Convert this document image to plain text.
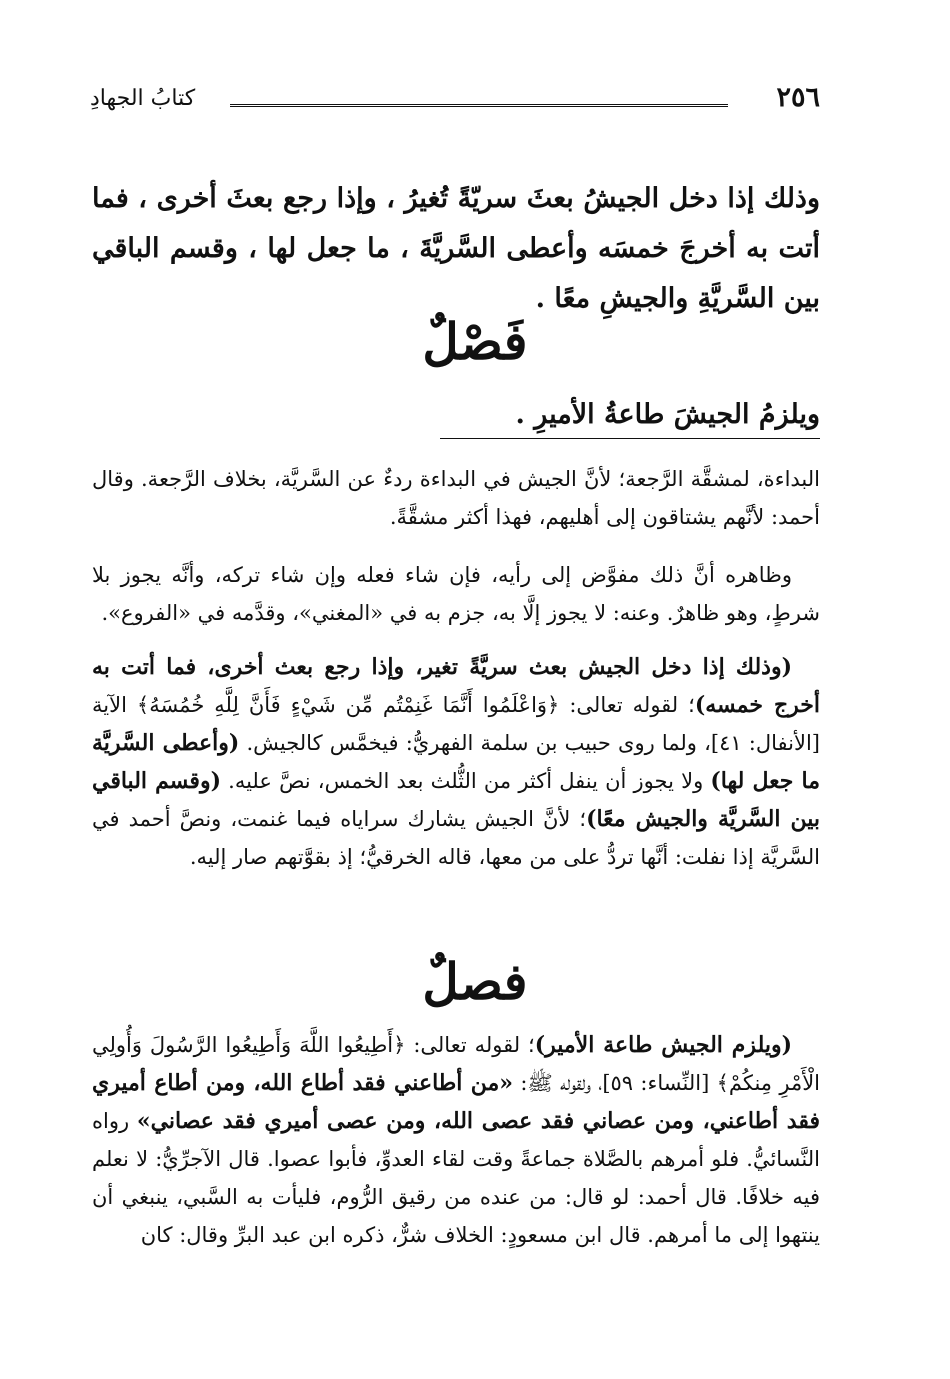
٢٥٦
كتابُ الجهادِ
وذلك إذا دخل الجيشُ بعثَ سريّةً تُغيرُ ، وإذا رجع بعثَ أخرى ، فما أتت به أخرجَ خمسَه وأعطى السَّريَّةَ ، ما جعل لها ، وقسم الباقي بين السَّريَّةِ والجيشِ معًا .
فَصْلٌ
ويلزمُ الجيشَ طاعةُ الأميرِ .
البداءة، لمشقَّة الرَّجعة؛ لأنَّ الجيش في البداءة ردءٌ عن السَّريَّة، بخلاف الرَّجعة. وقال أحمد: لأنَّهم يشتاقون إلى أهليهم، فهذا أكثر مشقَّةً.
وظاهره أنَّ ذلك مفوَّض إلى رأيه، فإن شاء فعله وإن شاء تركه، وأنَّه يجوز بلا شرطٍ، وهو ظاهرٌ. وعنه: لا يجوز إلَّا به، جزم به في «المغني»، وقدَّمه في «الفروع».
(وذلك إذا دخل الجيش بعث سريَّةً تغير، وإذا رجع بعث أخرى، فما أتت به أخرج خمسه)؛ لقوله تعالى: ﴿وَاعْلَمُوا أَنَّمَا غَنِمْتُم مِّن شَيْءٍ فَأَنَّ لِلَّهِ خُمُسَهُ﴾ الآية [الأنفال: ٤١]، ولما روى حبيب بن سلمة الفهريُّ: فيخمَّس كالجيش. (وأعطى السَّريَّة ما جعل لها) ولا يجوز أن ينفل أكثر من الثُّلث بعد الخمس، نصَّ عليه. (وقسم الباقي بين السَّريَّة والجيش معًا)؛ لأنَّ الجيش يشارك سراياه فيما غنمت، ونصَّ أحمد في السَّريَّة إذا نفلت: أنَّها تردُّ على من معها، قاله الخرقيُّ؛ إذ بقوَّتهم صار إليه.
فصلٌ
(ويلزم الجيش طاعة الأمير)؛ لقوله تعالى: ﴿أَطِيعُوا اللَّهَ وَأَطِيعُوا الرَّسُولَ وَأُولِي الْأَمْرِ مِنكُمْ﴾ [النِّساء: ٥٩]، ولقوله ﷺ: «من أطاعني فقد أطاع الله، ومن أطاع أميري فقد أطاعني، ومن عصاني فقد عصى الله، ومن عصى أميري فقد عصاني» رواه النَّسائيُّ. فلو أمرهم بالصَّلاة جماعةً وقت لقاء العدوِّ، فأبوا عصوا. قال الآجرِّيُّ: لا نعلم فيه خلافًا. قال أحمد: لو قال: من عنده من رقيق الرُّوم، فليأت به السَّبي، ينبغي أن ينتهوا إلى ما أمرهم. قال ابن مسعودٍ: الخلاف شرٌّ، ذكره ابن عبد البرِّ وقال: كان
